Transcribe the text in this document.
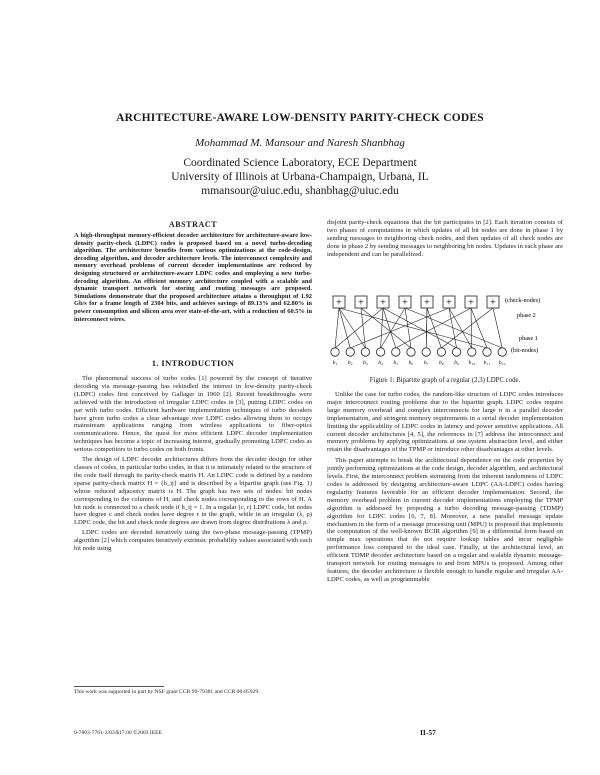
ARCHITECTURE-AWARE LOW-DENSITY PARITY-CHECK CODES
Mohammad M. Mansour and Naresh Shanbhag
Coordinated Science Laboratory, ECE Department
University of Illinois at Urbana-Champaign, Urbana, IL
mmansour@uiuc.edu, shanbhag@uiuc.edu
ABSTRACT
A high-throughput memory-efficient decoder architecture for architecture-aware low-density parity-check (LDPC) codes is proposed based on a novel turbo-decoding algorithm. The architecture benefits from various optimizations at the code-design, decoding algorithm, and decoder architecture levels. The interconnect complexity and memory overhead problems of current decoder implementations are reduced by designing structured or architecture-aware LDPC codes and employing a new turbo-decoding algorithm. An efficient memory architecture coupled with a scalable and dynamic transport network for storing and routing messages are proposed. Simulations demonstrate that the proposed architecture attains a throughput of 1.92 Gb/s for a frame length of 2304 bits, and achieves savings of 89.13% and 62.80% in power consumption and silicon area over state-of-the-art, with a reduction of 60.5% in interconnect wires.
1. INTRODUCTION

The phenomenal success of turbo codes [1] powered by the concept of iterative decoding via message-passing has rekindled the interest in low-density parity-check (LDPC) codes first conceived by Gallager in 1960 [2]. Recent breakthroughs were achieved with the introduction of irregular LDPC codes in [3], putting LDPC codes on par with turbo codes. Efficient hardware implementation techniques of turbo decoders have given turbo codes a clear advantage over LDPC codes allowing them to occupy mainstream applications ranging from wireless applications to fiber-optics communications. Hence, the quest for more efficient LDPC decoder implementation techniques has become a topic of increasing interest, gradually promoting LDPC codes as serious competitors to turbo codes on both fronts.

The design of LDPC decoder architectures differs from the decoder design for other classes of codes, in particular turbo codes, in that it is intimately related to the structure of the code itself through its parity-check matrix H. An LDPC code is defined by a random sparse parity-check matrix H = {h_ij} and is described by a bipartite graph (see Fig. 1) whose reduced adjacency matrix is H. The graph has two sets of nodes: bit nodes corresponding to the columns of H, and check nodes corresponding to the rows of H. A bit node is connected to a check node if h_ij = 1. In a regular (c, r) LDPC code, bit nodes have degree c and check nodes have degree r in the graph, while in an irregular (λ, ρ) LDPC code, the bit and check node degrees are drawn from degree distributions λ and ρ.

LDPC codes are decoded iteratively using the two-phase message-passing (TPMP) algorithm [2] which computes iteratively extrinsic probability values associated with each bit node using

This work was supported in part by NSF grant CCR 99-79381 and CCR 00-85929.
disjoint parity-check equations that the bit participates in [2]. Each iteration consists of two phases of computations in which updates of all bit nodes are done in phase 1 by sending messages to neighboring check nodes, and then updates of all check nodes are done in phase 2 by sending messages to neighboring bit nodes. Updates in each phase are independent and can be parallelized.
+ + + + + + + +
b₁ b₂ b₃ b₄ b₅ b₆ b₇ b₈ b₉ b₁₀ b₁₁ b₁₂
(check-nodes)
phase 2
phase 1
(bit-nodes)
Figure 1: Bipartite graph of a regular (2,3) LDPC code.

Unlike the case for turbo codes, the random-like structure of LDPC codes introduces major interconnect routing problems due to the bipartite graph. LDPC codes require large memory overhead and complex interconnects for large n in a parallel decoder implementation, and stringent memory requirements in a serial decoder implementation limiting the applicability of LDPC codes in latency and power sensitive applications. All current decoder architectures [4, 5], the references in [7] address the interconnect and memory problems by applying optimizations at one system abstraction level, and either retain the disadvantages of the TPMP or introduce other disadvantages at other levels.

This paper attempts to break the architectural dependence on the code properties by jointly performing optimizations at the code design, decoder algorithm, and architectural levels. First, the interconnect problem stemming from the inherent randomness of LDPC codes is addressed by designing architecture-aware LDPC (AA-LDPC) codes having regularity features favorable for an efficient decoder implementation. Second, the memory overhead problem in current decoder implementations employing the TPMP algorithm is addressed by proposing a turbo decoding message-passing (TDMP) algorithm for LDPC codes [6, 7, 8]. Moreover, a new parallel message update mechanism in the form of a message processing unit (MPU) is proposed that implements the computation of the well-known BCJR algorithm [9] in a differential form based on simple max operations that do not require lookup tables and incur negligible performance loss compared to the ideal case. Finally, at the architectural level, an efficient TDMP decoder architecture based on a regular and scalable dynamic message-transport network for routing messages to and from MPUs is proposed. Among other features, the decoder architecture is flexible enough to handle regular and irregular AA-LDPC codes, as well as programmable

0-7803-7761-3/03/$17.00 ©2003 IEEE	II-57
